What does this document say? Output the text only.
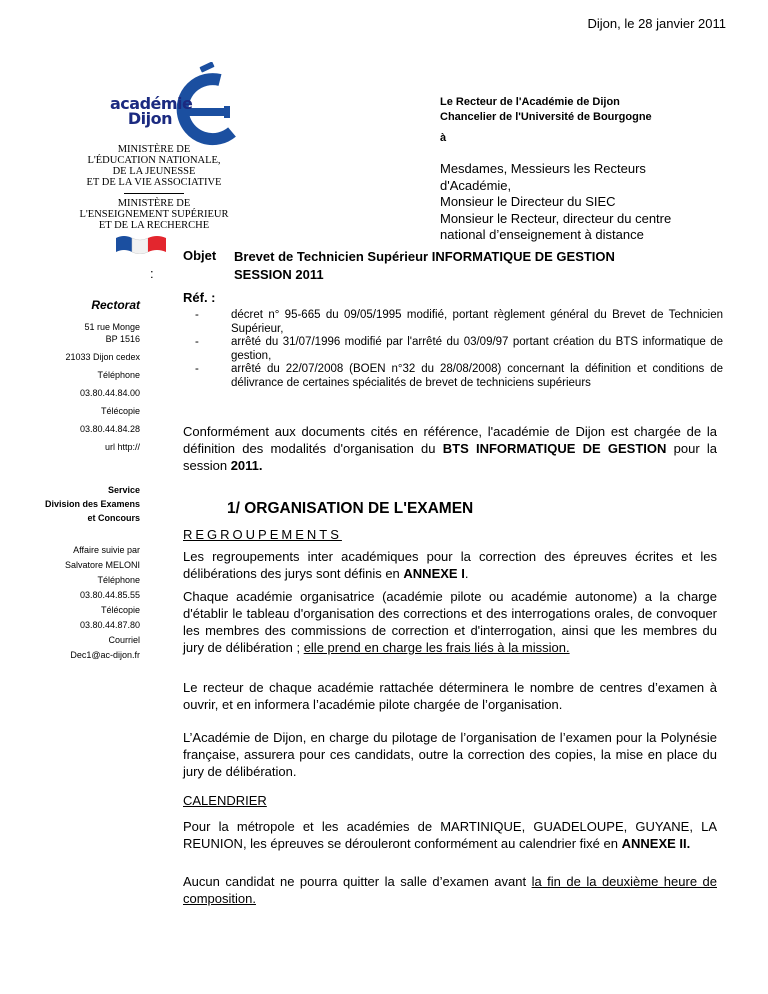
Dijon, le 28 janvier 2011
académie
Dijon
MINISTÈRE DE
L'ÉDUCATION NATIONALE,
DE LA JEUNESSE
ET DE LA VIE ASSOCIATIVE
MINISTÈRE DE
L'ENSEIGNEMENT SUPÉRIEUR
ET DE LA RECHERCHE
Le Recteur de l'Académie de Dijon
Chancelier de l'Université de Bourgogne
à
Mesdames, Messieurs les Recteurs
d'Académie,
Monsieur le Directeur du SIEC
Monsieur le Recteur, directeur du centre
national d’enseignement à distance
:
Objet Brevet de Technicien Supérieur INFORMATIQUE DE GESTION
SESSION 2011
Réf. :
-	décret n° 95-665 du 09/05/1995 modifié, portant règlement général du Brevet de Technicien Supérieur,
-	arrêté du 31/07/1996 modifié par l'arrêté du 03/09/97 portant création du BTS informatique de gestion,
-	arrêté du 22/07/2008 (BOEN n°32 du 28/08/2008) concernant la définition et conditions de délivrance de certaines spécialités de brevet de techniciens supérieurs
Rectorat
51 rue Monge
BP 1516
21033 Dijon cedex
Téléphone
03.80.44.84.00
Télécopie
03.80.44.84.28
url http://
Service
Division des Examens
et Concours
Affaire suivie par
Salvatore MELONI
Téléphone
03.80.44.85.55
Télécopie
03.80.44.87.80
Courriel
Dec1@ac-dijon.fr
Conformément aux documents cités en référence, l'académie de Dijon est chargée de la définition des modalités d'organisation du BTS INFORMATIQUE DE GESTION pour la session 2011.
1/ ORGANISATION DE L'EXAMEN
REGROUPEMENTS
Les regroupements inter académiques pour la correction des épreuves écrites et les délibérations des jurys sont définis en ANNEXE I.
Chaque académie organisatrice (académie pilote ou académie autonome) a la charge d'établir le tableau d'organisation des corrections et des interrogations orales, de convoquer les membres des commissions de correction et d'interrogation, ainsi que les membres du jury de délibération ; elle prend en charge les frais liés à la mission.
Le recteur de chaque académie rattachée déterminera le nombre de centres d’examen à ouvrir, et en informera l’académie pilote chargée de l’organisation.
L’Académie de Dijon, en charge du pilotage de l’organisation de l’examen pour la Polynésie française, assurera pour ces candidats, outre la correction des copies, la mise en place du jury de délibération.
CALENDRIER
Pour la métropole et les académies de MARTINIQUE, GUADELOUPE, GUYANE, LA REUNION, les épreuves se dérouleront conformément au calendrier fixé en ANNEXE II.
Aucun candidat ne pourra quitter la salle d’examen avant la fin de la deuxième heure de composition.
